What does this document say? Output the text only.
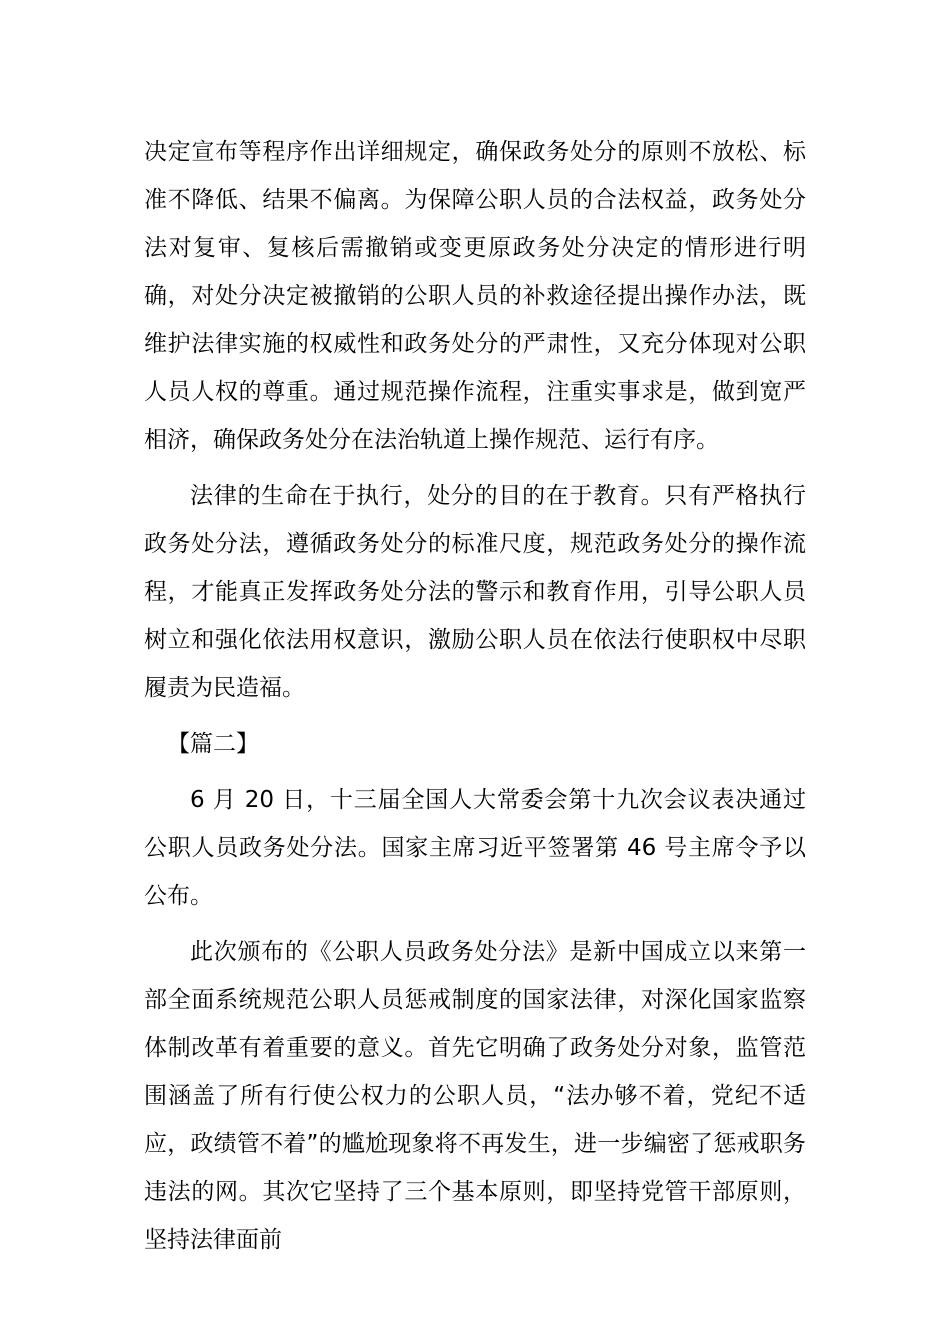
决定宣布等程序作出详细规定，确保政务处分的原则不放松、标准不降低、结果不偏离。为保障公职人员的合法权益，政务处分法对复审、复核后需撤销或变更原政务处分决定的情形进行明确，对处分决定被撤销的公职人员的补救途径提出操作办法，既维护法律实施的权威性和政务处分的严肃性，又充分体现对公职人员人权的尊重。通过规范操作流程，注重实事求是，做到宽严相济，确保政务处分在法治轨道上操作规范、运行有序。

法律的生命在于执行，处分的目的在于教育。只有严格执行政务处分法，遵循政务处分的标准尺度，规范政务处分的操作流程，才能真正发挥政务处分法的警示和教育作用，引导公职人员树立和强化依法用权意识，激励公职人员在依法行使职权中尽职履责为民造福。

【篇二】

6 月 20 日，十三届全国人大常委会第十九次会议表决通过公职人员政务处分法。国家主席习近平签署第 46 号主席令予以公布。

此次颁布的《公职人员政务处分法》是新中国成立以来第一部全面系统规范公职人员惩戒制度的国家法律，对深化国家监察体制改革有着重要的意义。首先它明确了政务处分对象，监管范围涵盖了所有行使公权力的公职人员，“法办够不着，党纪不适应，政绩管不着”的尴尬现象将不再发生，进一步编密了惩戒职务违法的网。其次它坚持了三个基本原则，即坚持党管干部原则，坚持法律面前
